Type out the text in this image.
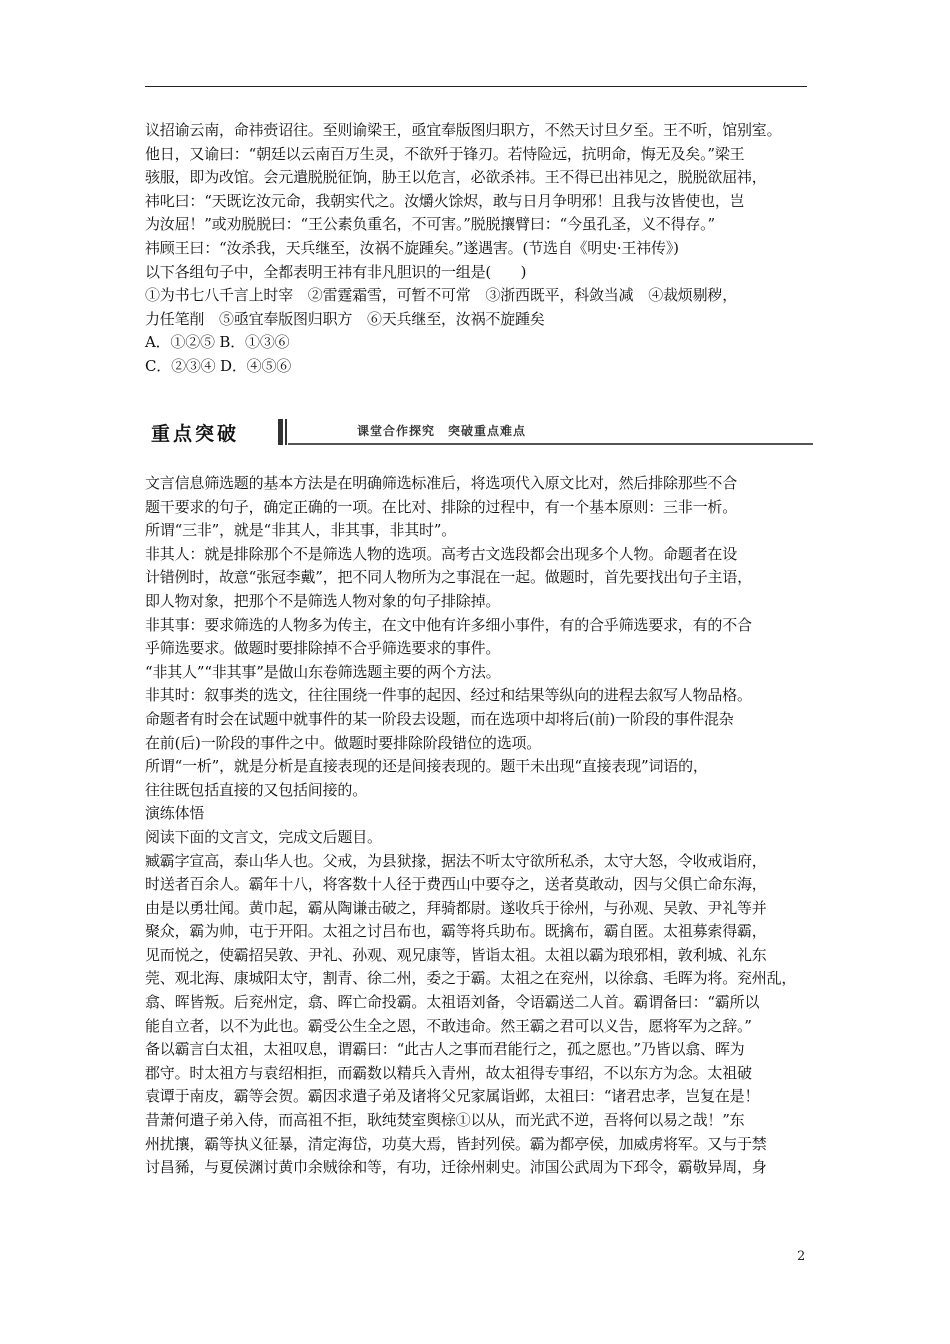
议招谕云南，命祎赍诏往。至则谕梁王，亟宜奉版图归职方，不然天讨旦夕至。王不听，馆别室。

他日，又谕曰：“朝廷以云南百万生灵，不欲歼于锋刃。若恃险远，抗明命，悔无及矣。”梁王

骇服，即为改馆。会元遣脱脱征饷，胁王以危言，必欲杀祎。王不得已出祎见之，脱脱欲屈祎，

祎叱曰：“天既讫汝元命，我朝实代之。汝爝火馀烬，敢与日月争明邪！且我与汝皆使也，岂

为汝屈！”或劝脱脱曰：“王公素负重名，不可害。”脱脱攘臂曰：“今虽孔圣，义不得存。”

祎顾王曰：“汝杀我，天兵继至，汝祸不旋踵矣。”遂遇害。(节选自《明史·王祎传》)

以下各组句子中，全都表明王祎有非凡胆识的一组是(　　)

①为书七八千言上时宰　②雷霆霜雪，可暂不可常　③浙西既平，科敛当减　④裁烦剔秽，

力任笔削　⑤亟宜奉版图归职方　⑥天兵继至，汝祸不旋踵矣

A．①②⑤ B．①③⑥

C．②③④ D．④⑤⑥

重点突破	课堂合作探究　突破重点难点

文言信息筛选题的基本方法是在明确筛选标准后，将选项代入原文比对，然后排除那些不合

题干要求的句子，确定正确的一项。在比对、排除的过程中，有一个基本原则：三非一析。

所谓“三非”，就是“非其人，非其事，非其时”。

非其人：就是排除那个不是筛选人物的选项。高考古文选段都会出现多个人物。命题者在设

计错例时，故意“张冠李戴”，把不同人物所为之事混在一起。做题时，首先要找出句子主语，

即人物对象，把那个不是筛选人物对象的句子排除掉。

非其事：要求筛选的人物多为传主，在文中他有许多细小事件，有的合乎筛选要求，有的不合

乎筛选要求。做题时要排除掉不合乎筛选要求的事件。

“非其人”“非其事”是做山东卷筛选题主要的两个方法。

非其时：叙事类的选文，往往围绕一件事的起因、经过和结果等纵向的进程去叙写人物品格。

命题者有时会在试题中就事件的某一阶段去设题，而在选项中却将后(前)一阶段的事件混杂

在前(后)一阶段的事件之中。做题时要排除阶段错位的选项。

所谓“一析”，就是分析是直接表现的还是间接表现的。题干未出现“直接表现”词语的，

往往既包括直接的又包括间接的。

演练体悟

阅读下面的文言文，完成文后题目。

臧霸字宣高，泰山华人也。父戒，为县狱掾，据法不听太守欲所私杀，太守大怒，令收戒诣府，

时送者百余人。霸年十八，将客数十人径于费西山中要夺之，送者莫敢动，因与父俱亡命东海，

由是以勇壮闻。黄巾起，霸从陶谦击破之，拜骑都尉。遂收兵于徐州，与孙观、吴敦、尹礼等并

聚众，霸为帅，屯于开阳。太祖之讨吕布也，霸等将兵助布。既擒布，霸自匿。太祖募索得霸，

见而悦之，使霸招吴敦、尹礼、孙观、观兄康等，皆诣太祖。太祖以霸为琅邪相，敦利城、礼东

莞、观北海、康城阳太守，割青、徐二州，委之于霸。太祖之在兖州，以徐翕、毛晖为将。兖州乱，

翕、晖皆叛。后兖州定，翕、晖亡命投霸。太祖语刘备，令语霸送二人首。霸谓备曰：“霸所以

能自立者，以不为此也。霸受公生全之恩，不敢违命。然王霸之君可以义告，愿将军为之辞。”

备以霸言白太祖，太祖叹息，谓霸曰：“此古人之事而君能行之，孤之愿也。”乃皆以翕、晖为

郡守。时太祖方与袁绍相拒，而霸数以精兵入青州，故太祖得专事绍，不以东方为念。太祖破

袁谭于南皮，霸等会贺。霸因求遣子弟及诸将父兄家属诣邺，太祖曰：“诸君忠孝，岂复在是！

昔萧何遣子弟入侍，而高祖不拒，耿纯焚室舆榇①以从，而光武不逆，吾将何以易之哉！”东

州扰攘，霸等执义征暴，清定海岱，功莫大焉，皆封列侯。霸为都亭侯，加威虏将军。又与于禁

讨昌豨，与夏侯渊讨黄巾余贼徐和等，有功，迁徐州刺史。沛国公武周为下邳令，霸敬异周，身

2
